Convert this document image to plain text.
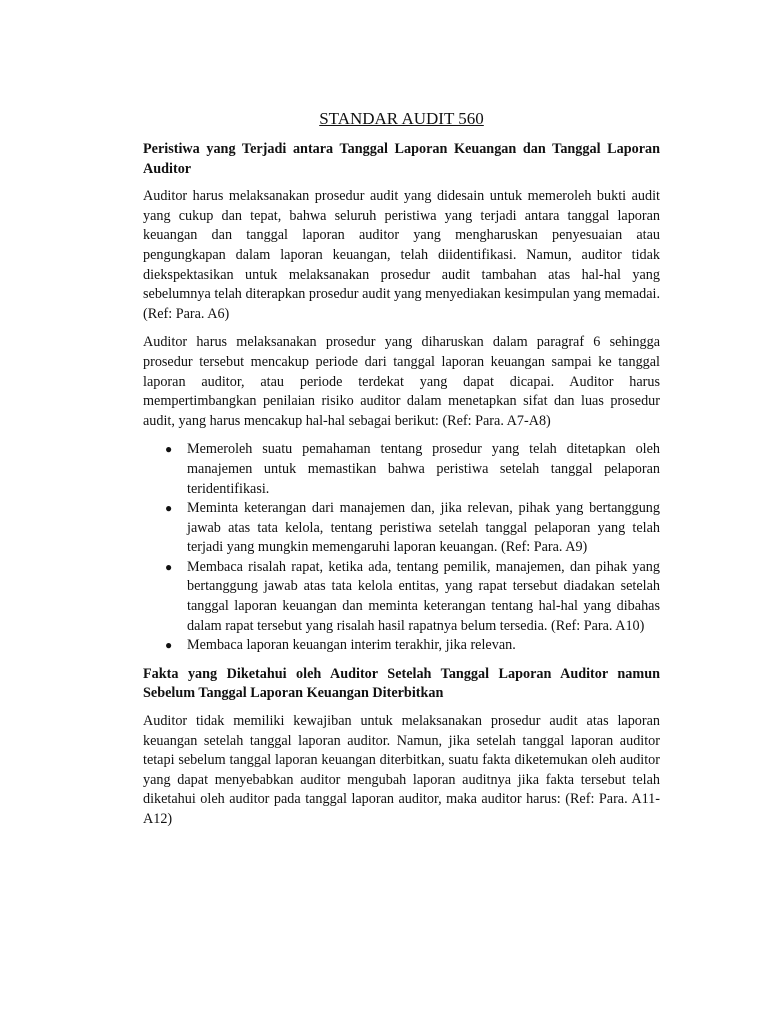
STANDAR AUDIT 560
Peristiwa yang Terjadi antara Tanggal Laporan Keuangan dan Tanggal Laporan Auditor

Auditor harus melaksanakan prosedur audit yang didesain untuk memeroleh bukti audit yang cukup dan tepat, bahwa seluruh peristiwa yang terjadi antara tanggal laporan keuangan dan tanggal laporan auditor yang mengharuskan penyesuaian atau pengungkapan dalam laporan keuangan, telah diidentifikasi. Namun, auditor tidak diekspektasikan untuk melaksanakan prosedur audit tambahan atas hal-hal yang sebelumnya telah diterapkan prosedur audit yang menyediakan kesimpulan yang memadai. (Ref: Para. A6)

Auditor harus melaksanakan prosedur yang diharuskan dalam paragraf 6 sehingga prosedur tersebut mencakup periode dari tanggal laporan keuangan sampai ke tanggal laporan auditor, atau periode terdekat yang dapat dicapai. Auditor harus mempertimbangkan penilaian risiko auditor dalam menetapkan sifat dan luas prosedur audit, yang harus mencakup hal-hal sebagai berikut: (Ref: Para. A7-A8)

● Memeroleh suatu pemahaman tentang prosedur yang telah ditetapkan oleh manajemen untuk memastikan bahwa peristiwa setelah tanggal pelaporan teridentifikasi.
● Meminta keterangan dari manajemen dan, jika relevan, pihak yang bertanggung jawab atas tata kelola, tentang peristiwa setelah tanggal pelaporan yang telah terjadi yang mungkin memengaruhi laporan keuangan. (Ref: Para. A9)
● Membaca risalah rapat, ketika ada, tentang pemilik, manajemen, dan pihak yang bertanggung jawab atas tata kelola entitas, yang rapat tersebut diadakan setelah tanggal laporan keuangan dan meminta keterangan tentang hal-hal yang dibahas dalam rapat tersebut yang risalah hasil rapatnya belum tersedia. (Ref: Para. A10)
● Membaca laporan keuangan interim terakhir, jika relevan.
Fakta yang Diketahui oleh Auditor Setelah Tanggal Laporan Auditor namun Sebelum Tanggal Laporan Keuangan Diterbitkan

Auditor tidak memiliki kewajiban untuk melaksanakan prosedur audit atas laporan keuangan setelah tanggal laporan auditor. Namun, jika setelah tanggal laporan auditor tetapi sebelum tanggal laporan keuangan diterbitkan, suatu fakta diketemukan oleh auditor yang dapat menyebabkan auditor mengubah laporan auditnya jika fakta tersebut telah diketahui oleh auditor pada tanggal laporan auditor, maka auditor harus: (Ref: Para. A11-A12)
